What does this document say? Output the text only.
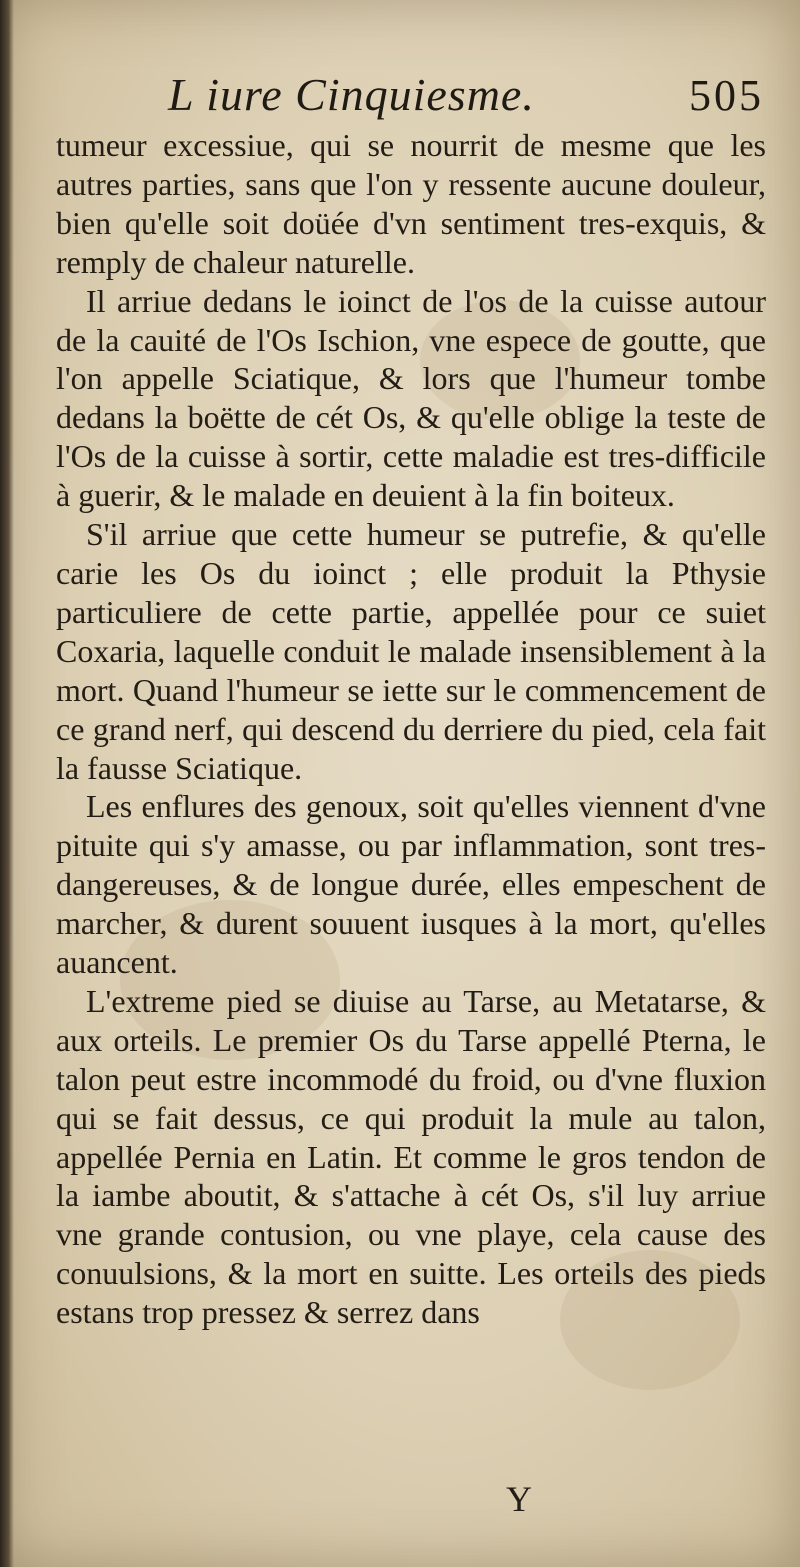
L iure Cinquiesme.	505

tumeur excessiue, qui se nourrit de mesme que les autres parties, sans que l'on y ressente aucune douleur, bien qu'elle soit doüée d'vn sentiment tres-exquis, & remply de chaleur naturelle.

Il arriue dedans le ioinct de l'os de la cuisse autour de la cauité de l'Os Ischion, vne espece de goutte, que l'on appelle Sciatique, & lors que l'humeur tombe dedans la boëtte de cét Os, & qu'elle oblige la teste de l'Os de la cuisse à sortir, cette maladie est tres-difficile à guerir, & le malade en deuient à la fin boiteux.

S'il arriue que cette humeur se putrefie, & qu'elle carie les Os du ioinct ; elle produit la Pthysie particuliere de cette partie, appellée pour ce suiet Coxaria, laquelle conduit le malade insensiblement à la mort. Quand l'humeur se iette sur le commencement de ce grand nerf, qui descend du derriere du pied, cela fait la fausse Sciatique.

Les enflures des genoux, soit qu'elles viennent d'vne pituite qui s'y amasse, ou par inflammation, sont tres-dangereuses, & de longue durée, elles empeschent de marcher, & durent souuent iusques à la mort, qu'elles auancent.

L'extreme pied se diuise au Tarse, au Metatarse, & aux orteils. Le premier Os du Tarse appellé Pterna, le talon peut estre incommodé du froid, ou d'vne fluxion qui se fait dessus, ce qui produit la mule au talon, appellée Pernia en Latin. Et comme le gros tendon de la iambe aboutit, & s'attache à cét Os, s'il luy arriue vne grande contusion, ou vne playe, cela cause des conuulsions, & la mort en suitte. Les orteils des pieds estans trop pressez & serrez dans

Y
